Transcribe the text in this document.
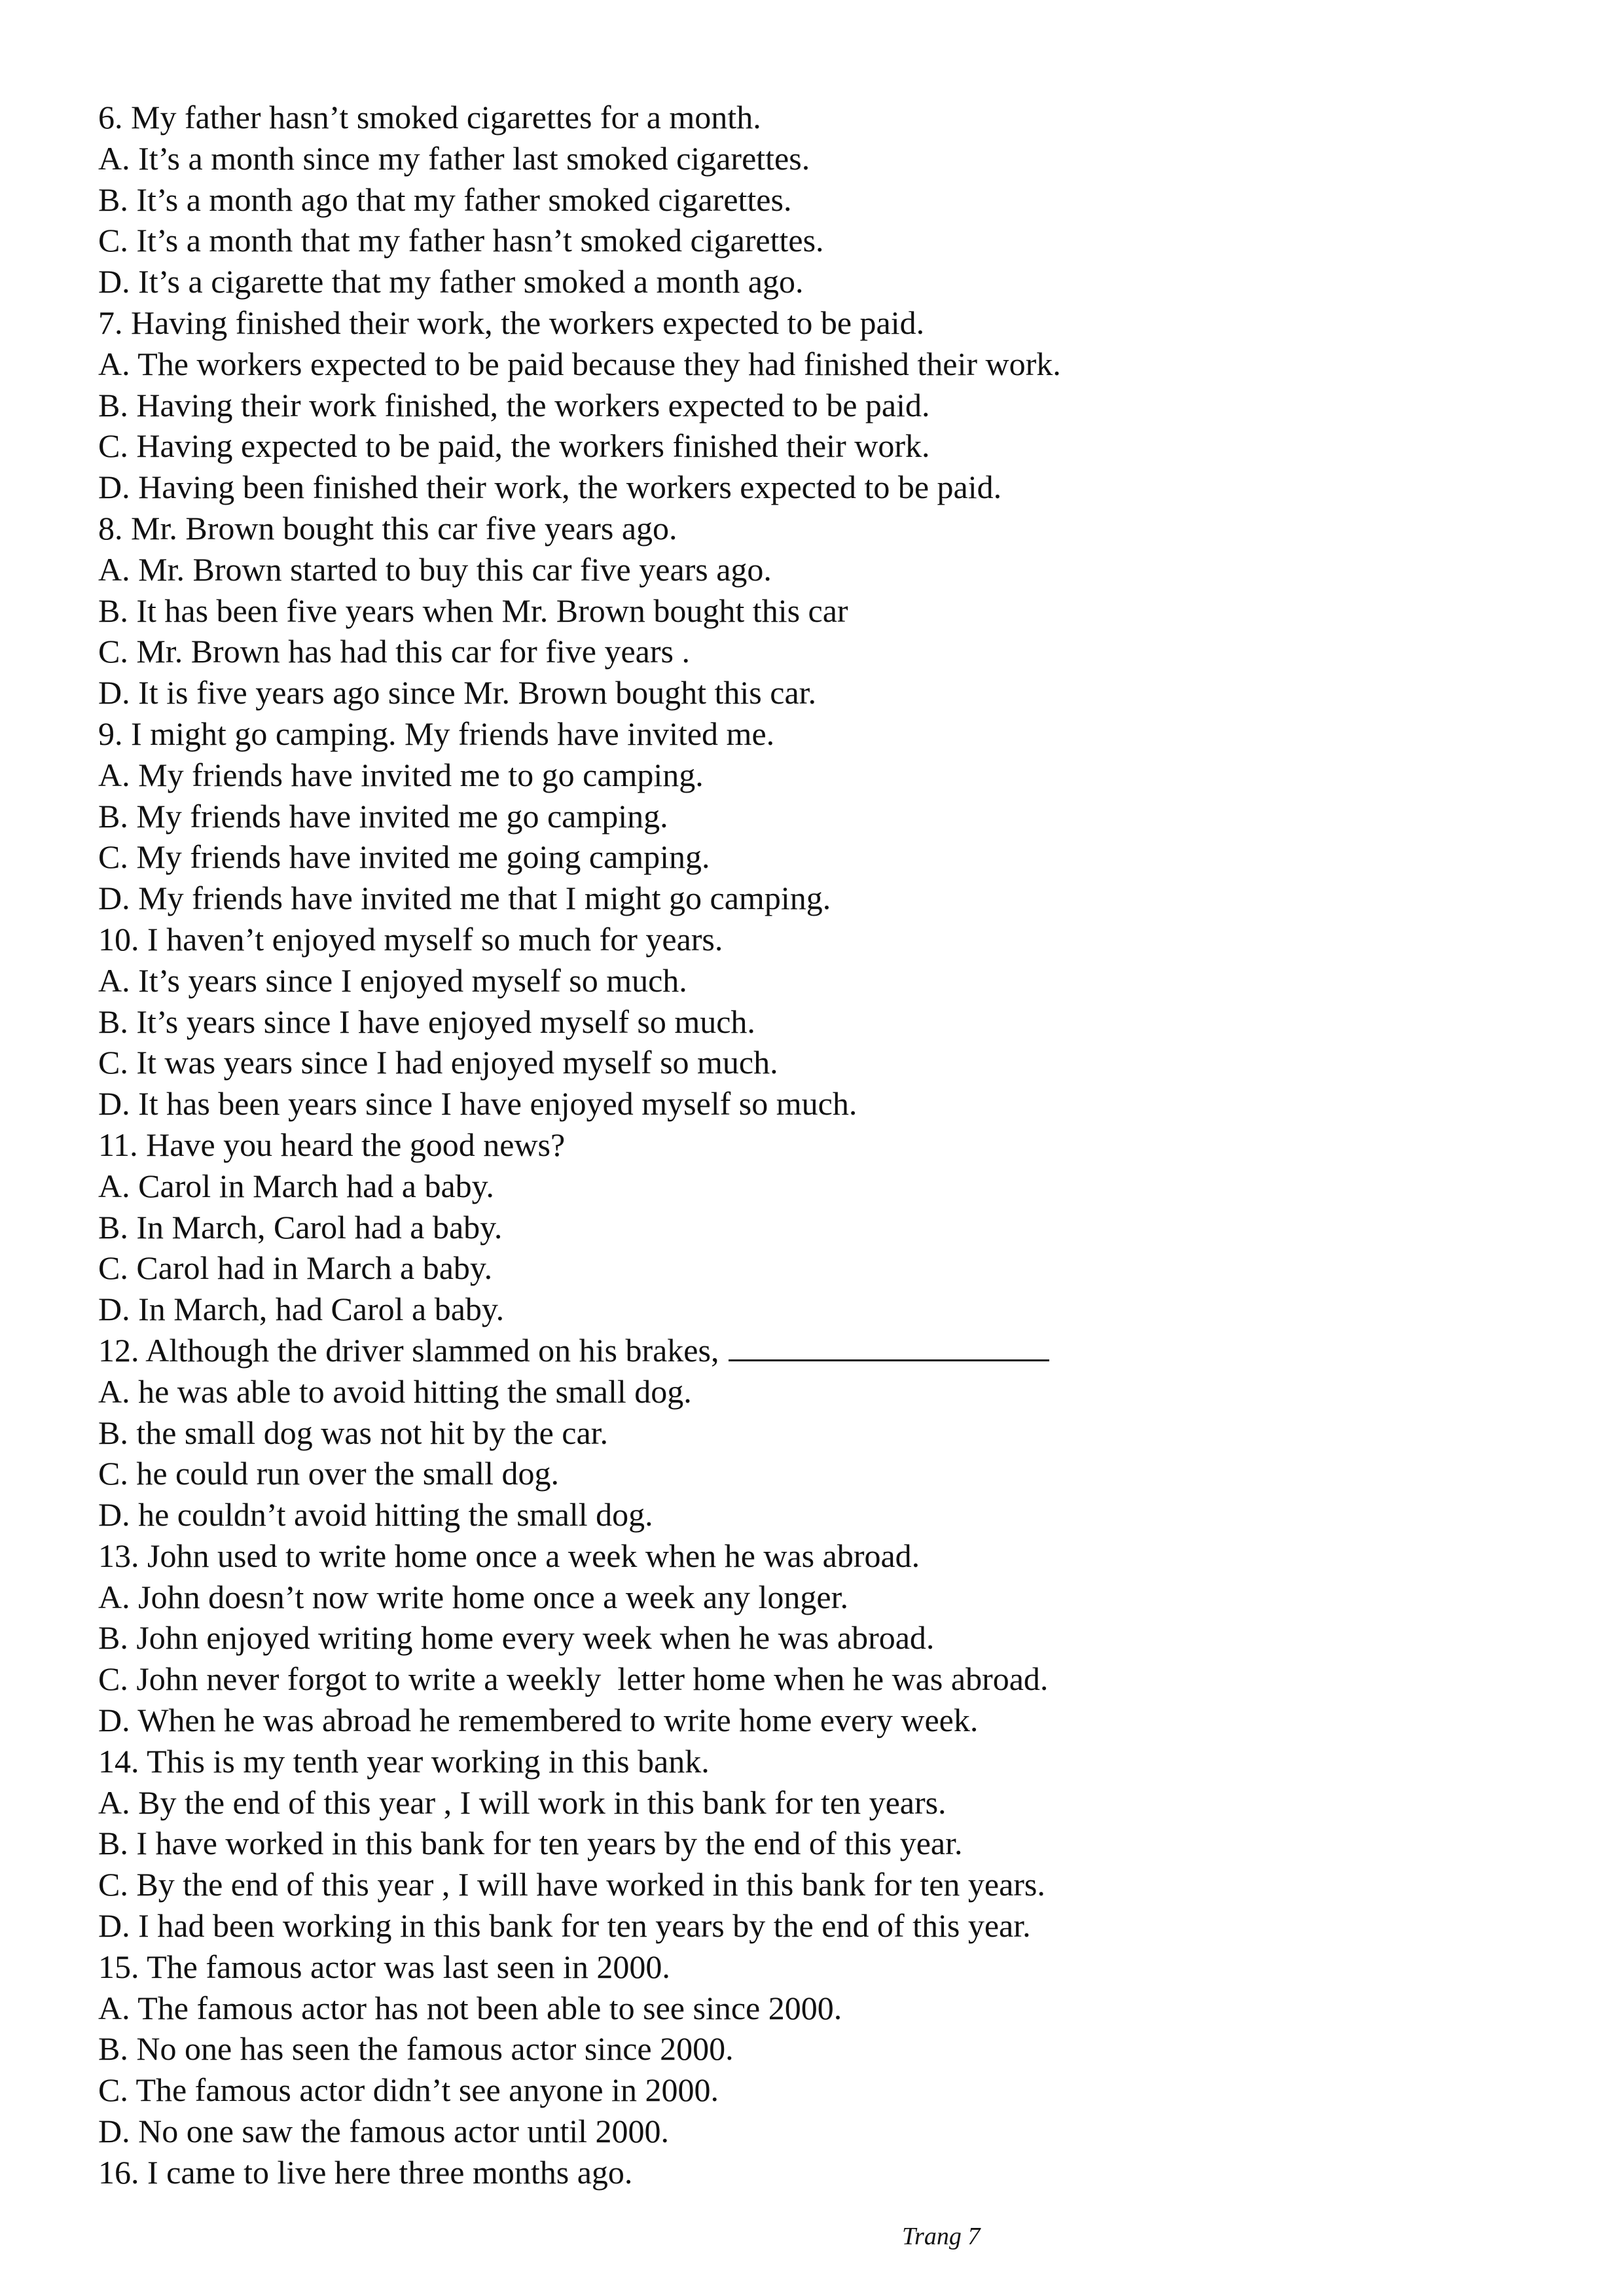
6. My father hasn’t smoked cigarettes for a month.
A. It’s a month since my father last smoked cigarettes.
B. It’s a month ago that my father smoked cigarettes.
C. It’s a month that my father hasn’t smoked cigarettes.
D. It’s a cigarette that my father smoked a month ago.
7. Having finished their work, the workers expected to be paid.
A. The workers expected to be paid because they had finished their work.
B. Having their work finished, the workers expected to be paid.
C. Having expected to be paid, the workers finished their work.
D. Having been finished their work, the workers expected to be paid.
8. Mr. Brown bought this car five years ago.
A. Mr. Brown started to buy this car five years ago.
B. It has been five years when Mr. Brown bought this car
C. Mr. Brown has had this car for five years .
D. It is five years ago since Mr. Brown bought this car.
9. I might go camping. My friends have invited me.
A. My friends have invited me to go camping.
B. My friends have invited me go camping.
C. My friends have invited me going camping.
D. My friends have invited me that I might go camping.
10. I haven’t enjoyed myself so much for years.
A. It’s years since I enjoyed myself so much.
B. It’s years since I have enjoyed myself so much.
C. It was years since I had enjoyed myself so much.
D. It has been years since I have enjoyed myself so much.
11. Have you heard the good news?
A. Carol in March had a baby.
B. In March, Carol had a baby.
C. Carol had in March a baby.
D. In March, had Carol a baby.
12. Although the driver slammed on his brakes,
A. he was able to avoid hitting the small dog.
B. the small dog was not hit by the car.
C. he could run over the small dog.
D. he couldn’t avoid hitting the small dog.
13. John used to write home once a week when he was abroad.
A. John doesn’t now write home once a week any longer.
B. John enjoyed writing home every week when he was abroad.
C. John never forgot to write a weekly  letter home when he was abroad.
D. When he was abroad he remembered to write home every week.
14. This is my tenth year working in this bank.
A. By the end of this year , I will work in this bank for ten years.
B. I have worked in this bank for ten years by the end of this year.
C. By the end of this year , I will have worked in this bank for ten years.
D. I had been working in this bank for ten years by the end of this year.
15. The famous actor was last seen in 2000.
A. The famous actor has not been able to see since 2000.
B. No one has seen the famous actor since 2000.
C. The famous actor didn’t see anyone in 2000.
D. No one saw the famous actor until 2000.
16. I came to live here three months ago.
Trang 7
